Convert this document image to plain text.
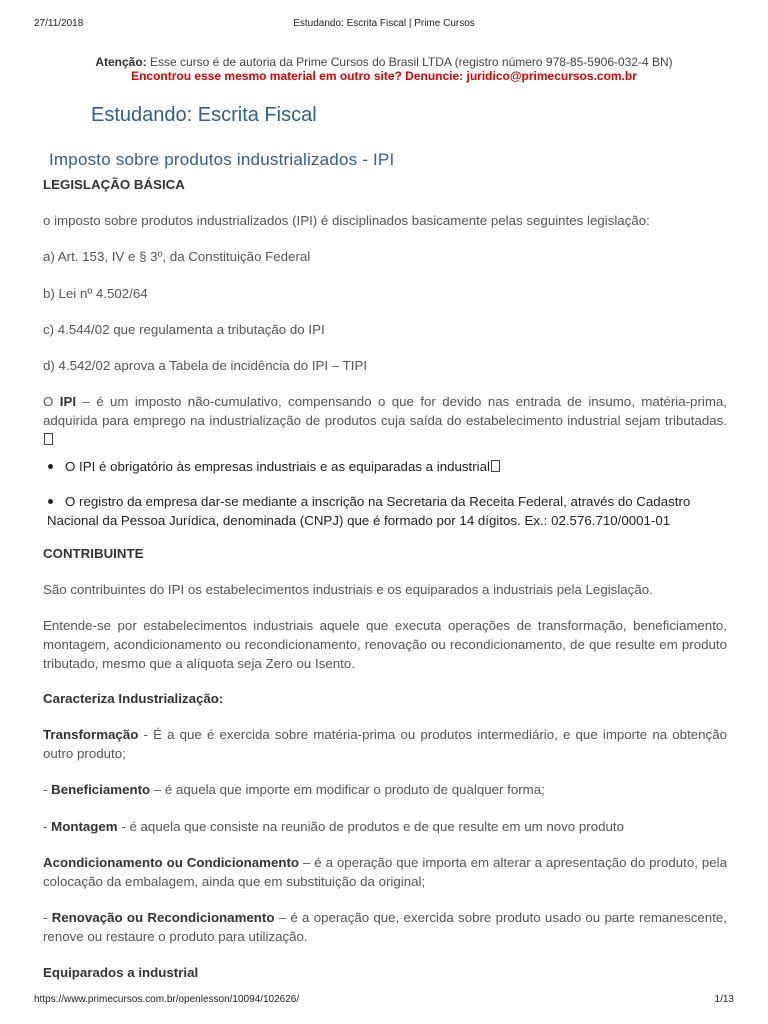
27/11/2018	Estudando: Escrita Fiscal | Prime Cursos
Atenção: Esse curso é de autoria da Prime Cursos do Brasil LTDA (registro número 978-85-5906-032-4 BN)
Encontrou esse mesmo material em outro site? Denuncie: juridico@primecursos.com.br
Estudando: Escrita Fiscal
Imposto sobre produtos industrializados - IPI
LEGISLAÇÃO BÁSICA
o imposto sobre produtos industrializados (IPI) é disciplinados basicamente pelas seguintes legislação:
a) Art. 153, IV e § 3º, da Constituição Federal
b) Lei nº 4.502/64
c) 4.544/02 que regulamenta a tributação do IPI
d) 4.542/02 aprova a Tabela de incidência do IPI – TIPI
O IPI – é um imposto não-cumulativo, compensando o que for devido nas entrada de insumo, matéria-prima, adquirida para emprego na industrialização de produtos cuja saída do estabelecimento industrial sejam tributadas.
O IPI é obrigatório às empresas industriais e as equiparadas a industrial
O registro da empresa dar-se mediante a inscrição na Secretaria da Receita Federal, através do Cadastro Nacional da Pessoa Jurídica, denominada (CNPJ) que é formado por 14 dígitos. Ex.: 02.576.710/0001-01
CONTRIBUINTE
São contribuintes do IPI os estabelecimentos industriais e os equiparados a industriais pela Legislação.
Entende-se por estabelecimentos industriais aquele que executa operações de transformação, beneficiamento, montagem, acondicionamento ou recondicionamento, renovação ou recondicionamento, de que resulte em produto tributado, mesmo que a alíquota seja Zero ou Isento.
Caracteriza Industrialização:
Transformação - É a que é exercida sobre matéria-prima ou produtos intermediário, e que importe na obtenção outro produto;
- Beneficiamento – é aquela que importe em modificar o produto de qualquer forma;
- Montagem - é aquela que consiste na reunião de produtos e de que resulte em um novo produto
Acondicionamento ou Condicionamento – é a operação que importa em alterar a apresentação do produto, pela colocação da embalagem, ainda que em substituição da original;
- Renovação ou Recondicionamento – é a operação que, exercida sobre produto usado ou parte remanescente, renove ou restaure o produto para utilização.
Equiparados a industrial
https://www.primecursos.com.br/openlesson/10094/102626/	1/13
